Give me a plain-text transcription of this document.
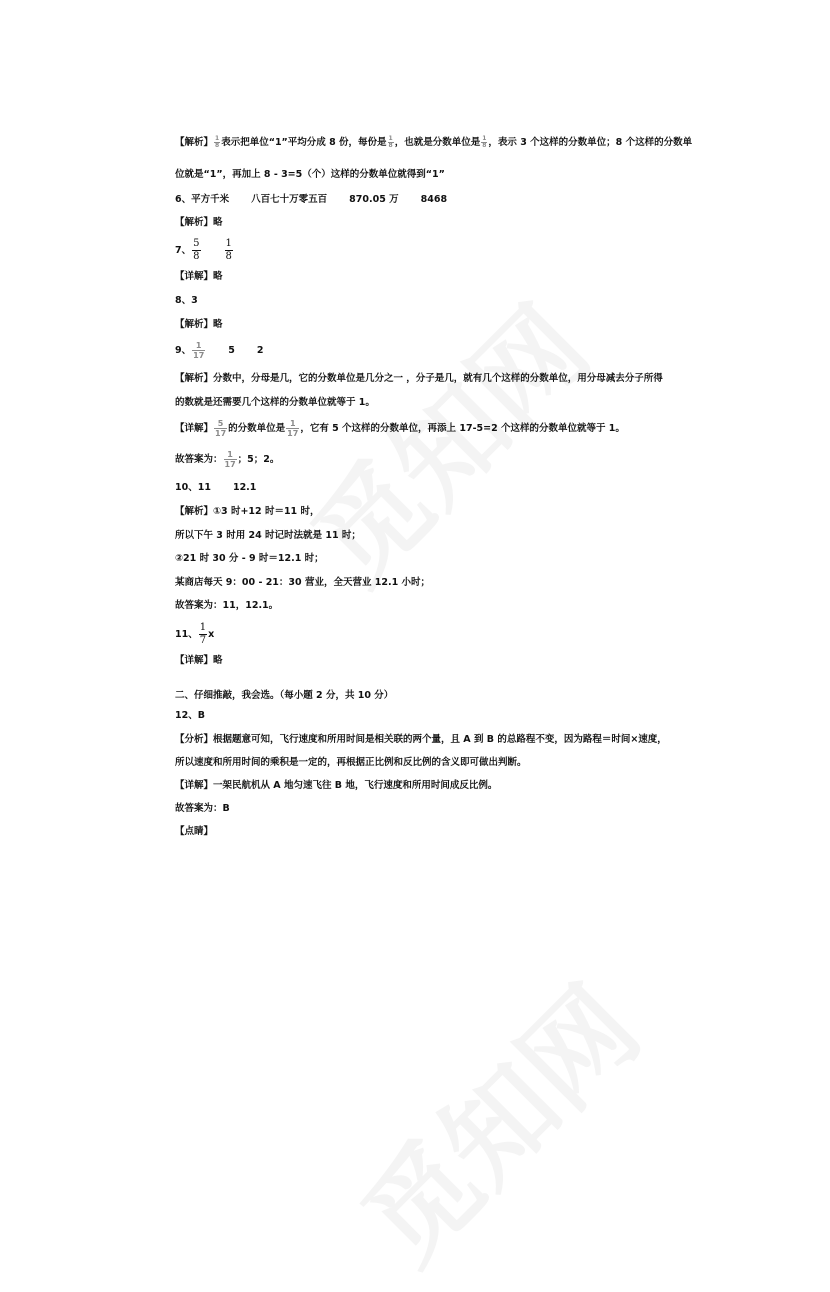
【解析】 $\frac{1}{8}$ 表示把单位“1”平均分成 8 份，每份是 $\frac{1}{8}$ ，也就是分数单位是 $\frac{1}{8}$ ，表示 3 个这样的分数单位；8 个这样的分数单
位就是“1”，再加上 8 - 3=5（个）这样的分数单位就得到“1”
6、平方千米 八百七十万零五百 870.05 万 8468
【解析】略
7、 $\frac{5}{8} \frac{1}{8}$
【详解】略
8、3
【解析】略
9、 $\frac{1}{17} 5$ 2
【解析】分数中，分母是几，它的分数单位是几分之一 ，分子是几，就有几个这样的分数单位，用分母减去分子所得
的数就是还需要几个这样的分数单位就等于 1。
【详解】 $\frac{5}{17}$ 的分数单位是 $\frac{1}{17}$ ，它有 5 个这样的分数单位，再添上 17-5=2 个这样的分数单位就等于 1。
故答案为： $\frac{1}{17}$ ；5；2。
10、11 12.1
【解析】①3 时+12 时＝11 时，
所以下午 3 时用 24 时记时法就是 11 时；
②21 时 30 分 - 9 时＝12.1 时；
某商店每天 9：00 - 21：30 营业，全天营业 12.1 小时；
故答案为：11，12.1。
11、 $\frac{1}{7}$ x
【详解】略
二、仔细推敲，我会选。（每小题 2 分，共 10 分）
12、B
【分析】根据题意可知，飞行速度和所用时间是相关联的两个量，且 A 到 B 的总路程不变，因为路程＝时间×速度，
所以速度和所用时间的乘积是一定的，再根据正比例和反比例的含义即可做出判断。
【详解】一架民航机从 A 地匀速飞往 B 地，飞行速度和所用时间成反比例。
故答案为：B
【点睛】
